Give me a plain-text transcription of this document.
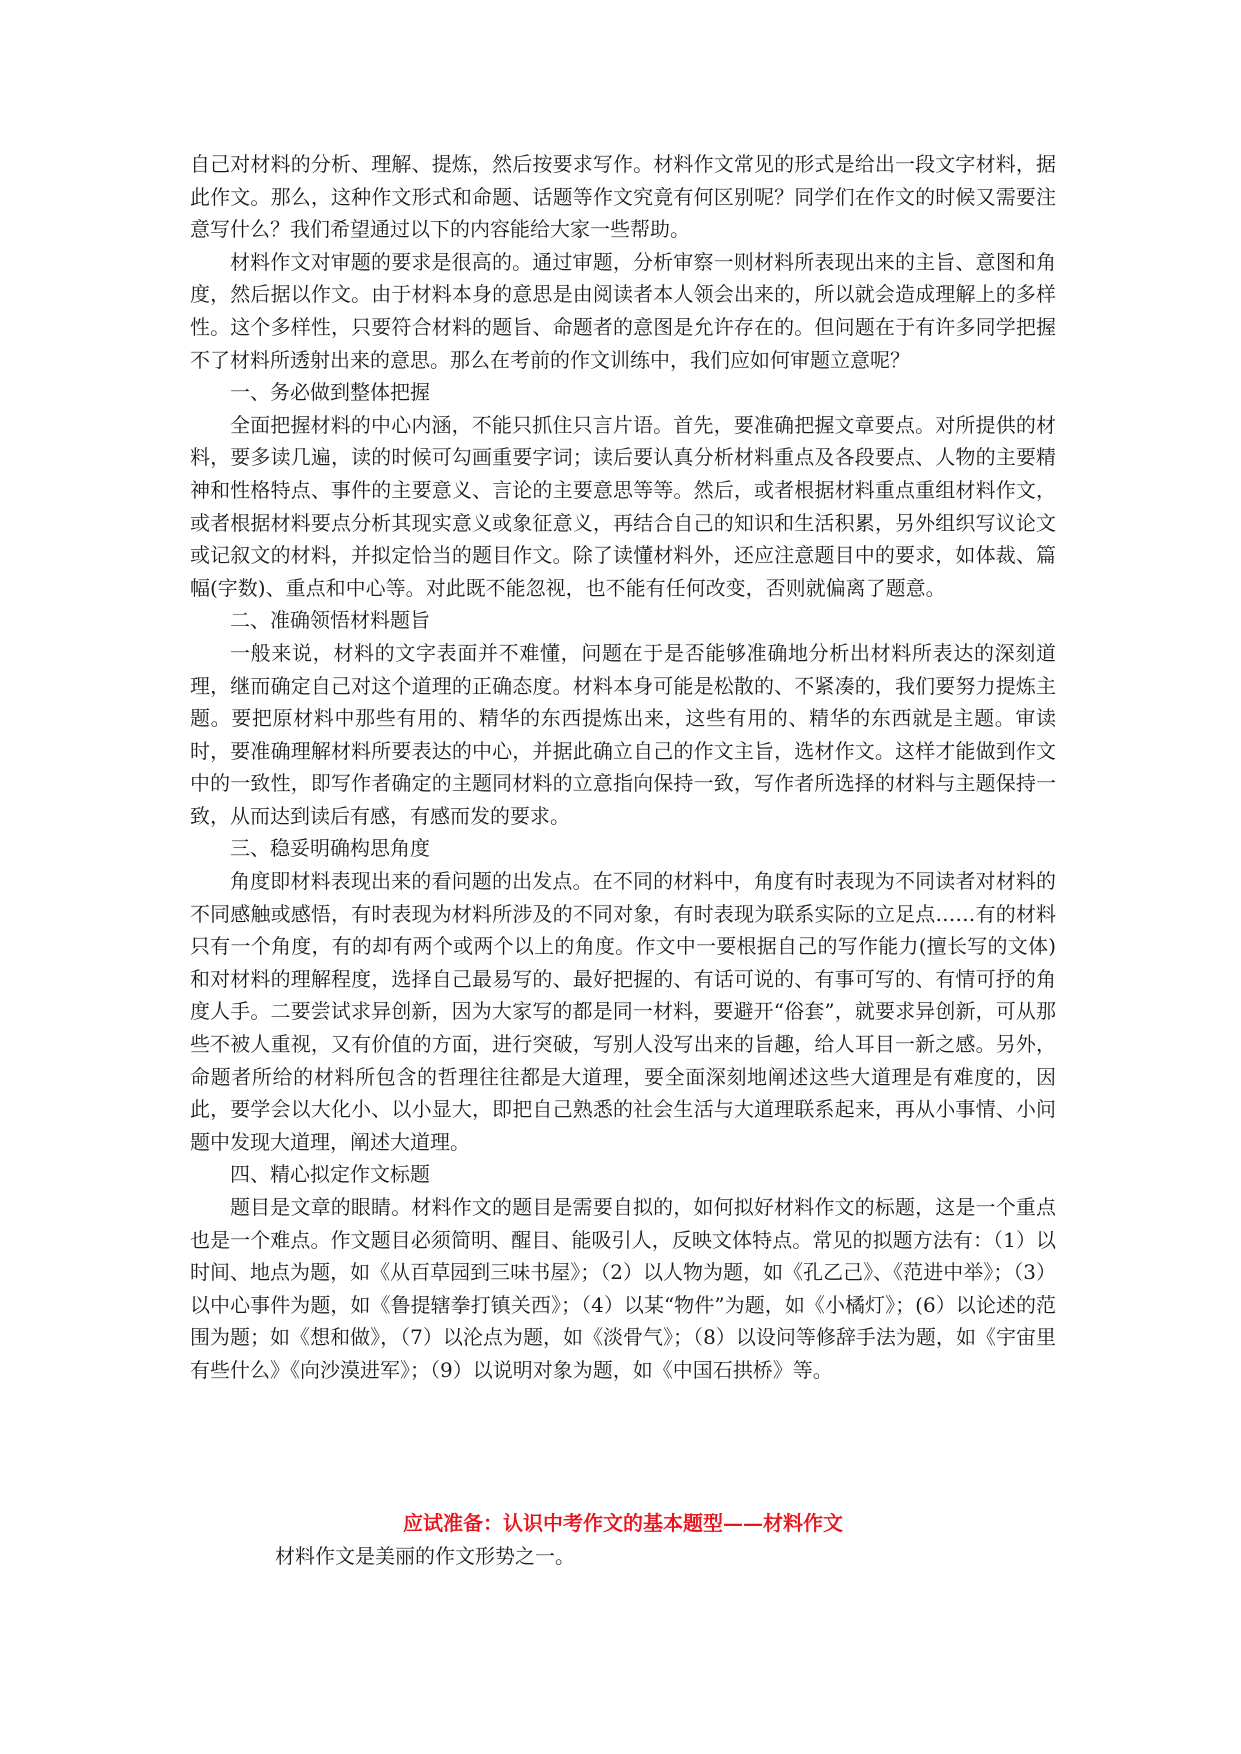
自己对材料的分析、理解、提炼，然后按要求写作。材料作文常见的形式是给出一段文字材料，据此作文。那么，这种作文形式和命题、话题等作文究竟有何区别呢？同学们在作文的时候又需要注意写什么？我们希望通过以下的内容能给大家一些帮助。

材料作文对审题的要求是很高的。通过审题，分析审察一则材料所表现出来的主旨、意图和角度，然后据以作文。由于材料本身的意思是由阅读者本人领会出来的，所以就会造成理解上的多样性。这个多样性，只要符合材料的题旨、命题者的意图是允许存在的。但问题在于有许多同学把握不了材料所透射出来的意思。那么在考前的作文训练中，我们应如何审题立意呢？

一、务必做到整体把握

全面把握材料的中心内涵，不能只抓住只言片语。首先，要准确把握文章要点。对所提供的材料，要多读几遍，读的时候可勾画重要字词；读后要认真分析材料重点及各段要点、人物的主要精神和性格特点、事件的主要意义、言论的主要意思等等。然后，或者根据材料重点重组材料作文，或者根据材料要点分析其现实意义或象征意义，再结合自己的知识和生活积累，另外组织写议论文或记叙文的材料，并拟定恰当的题目作文。除了读懂材料外，还应注意题目中的要求，如体裁、篇幅(字数)、重点和中心等。对此既不能忽视，也不能有任何改变，否则就偏离了题意。

二、准确领悟材料题旨

一般来说，材料的文字表面并不难懂，问题在于是否能够准确地分析出材料所表达的深刻道理，继而确定自己对这个道理的正确态度。材料本身可能是松散的、不紧凑的，我们要努力提炼主题。要把原材料中那些有用的、精华的东西提炼出来，这些有用的、精华的东西就是主题。审读时，要准确理解材料所要表达的中心，并据此确立自己的作文主旨，选材作文。这样才能做到作文中的一致性，即写作者确定的主题同材料的立意指向保持一致，写作者所选择的材料与主题保持一致，从而达到读后有感，有感而发的要求。

三、稳妥明确构思角度

角度即材料表现出来的看问题的出发点。在不同的材料中，角度有时表现为不同读者对材料的不同感触或感悟，有时表现为材料所涉及的不同对象，有时表现为联系实际的立足点……有的材料只有一个角度，有的却有两个或两个以上的角度。作文中一要根据自己的写作能力(擅长写的文体)和对材料的理解程度，选择自己最易写的、最好把握的、有话可说的、有事可写的、有情可抒的角度人手。二要尝试求异创新，因为大家写的都是同一材料，要避开“俗套”，就要求异创新，可从那些不被人重视，又有价值的方面，进行突破，写别人没写出来的旨趣，给人耳目一新之感。另外，命题者所给的材料所包含的哲理往往都是大道理，要全面深刻地阐述这些大道理是有难度的，因此，要学会以大化小、以小显大，即把自己熟悉的社会生活与大道理联系起来，再从小事情、小问题中发现大道理，阐述大道理。

四、精心拟定作文标题

题目是文章的眼睛。材料作文的题目是需要自拟的，如何拟好材料作文的标题，这是一个重点也是一个难点。作文题目必须简明、醒目、能吸引人，反映文体特点。常见的拟题方法有：（1）以时间、地点为题，如《从百草园到三味书屋》；（2）以人物为题，如《孔乙己》、《范进中举》；（3）以中心事件为题，如《鲁提辖拳打镇关西》；（4）以某“物件”为题，如《小橘灯》；(6）以论述的范围为题；如《想和做》，（7）以沦点为题，如《淡骨气》；（8）以设问等修辞手法为题，如《宇宙里有些什么》《向沙漠进军》；（9）以说明对象为题，如《中国石拱桥》等。

应试准备：认识中考作文的基本题型——材料作文
材料作文是美丽的作文形势之一。
